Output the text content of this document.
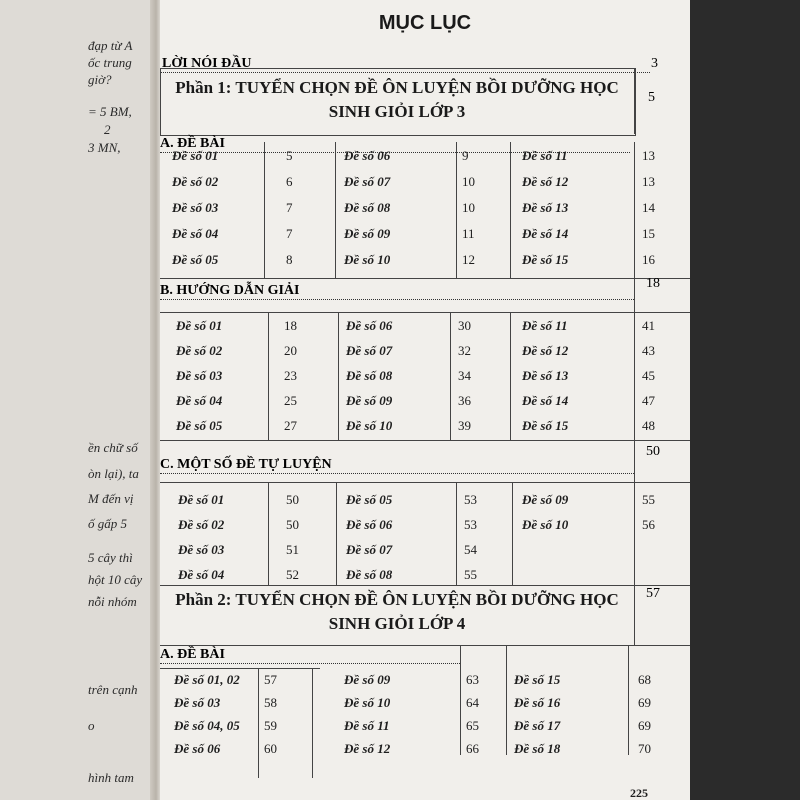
đạp từ A
ốc trung
giờ?
= 5 BM,
2
3 MN,
ền chữ số
òn lại), ta
M đến vị
ố gấp 5
5 cây thì
hột 10 cây
nỗi nhóm
trên cạnh
o
hình tam
MỤC LỤC
LỜI NÓI ĐẦU	3
Phần 1: TUYỂN CHỌN ĐỀ ÔN LUYỆN BỒI DƯỠNG HỌC
SINH GIỎI LỚP 3
5
A. ĐỀ BÀI
Đề số 01	5	Đề số 06	9	Đề số 11	13
Đề số 02	6	Đề số 07	10	Đề số 12	13
Đề số 03	7	Đề số 08	10	Đề số 13	14
Đề số 04	7	Đề số 09	11	Đề số 14	15
Đề số 05	8	Đề số 10	12	Đề số 15	16
B. HƯỚNG DẪN GIẢI	18
Đề số 01	18	Đề số 06	30	Đề số 11	41
Đề số 02	20	Đề số 07	32	Đề số 12	43
Đề số 03	23	Đề số 08	34	Đề số 13	45
Đề số 04	25	Đề số 09	36	Đề số 14	47
Đề số 05	27	Đề số 10	39	Đề số 15	48
C. MỘT SỐ ĐỀ TỰ LUYỆN
50
Đề số 01	50	Đề số 05	53	Đề số 09	55
Đề số 02	50	Đề số 06	53	Đề số 10	56
Đề số 03	51	Đề số 07	54
Đề số 04	52	Đề số 08	55
Phần 2: TUYỂN CHỌN ĐỀ ÔN LUYỆN BỒI DƯỠNG HỌC
SINH GIỎI LỚP 4
57
A. ĐỀ BÀI
Đề số 01, 02 57	Đề số 09	63	Đề số 15	68
Đề số 03	58	Đề số 10	64	Đề số 16	69
Đề số 04, 05 59	Đề số 11	65	Đề số 17	69
Đề số 06	60	Đề số 12	66	Đề số 18	70
225
